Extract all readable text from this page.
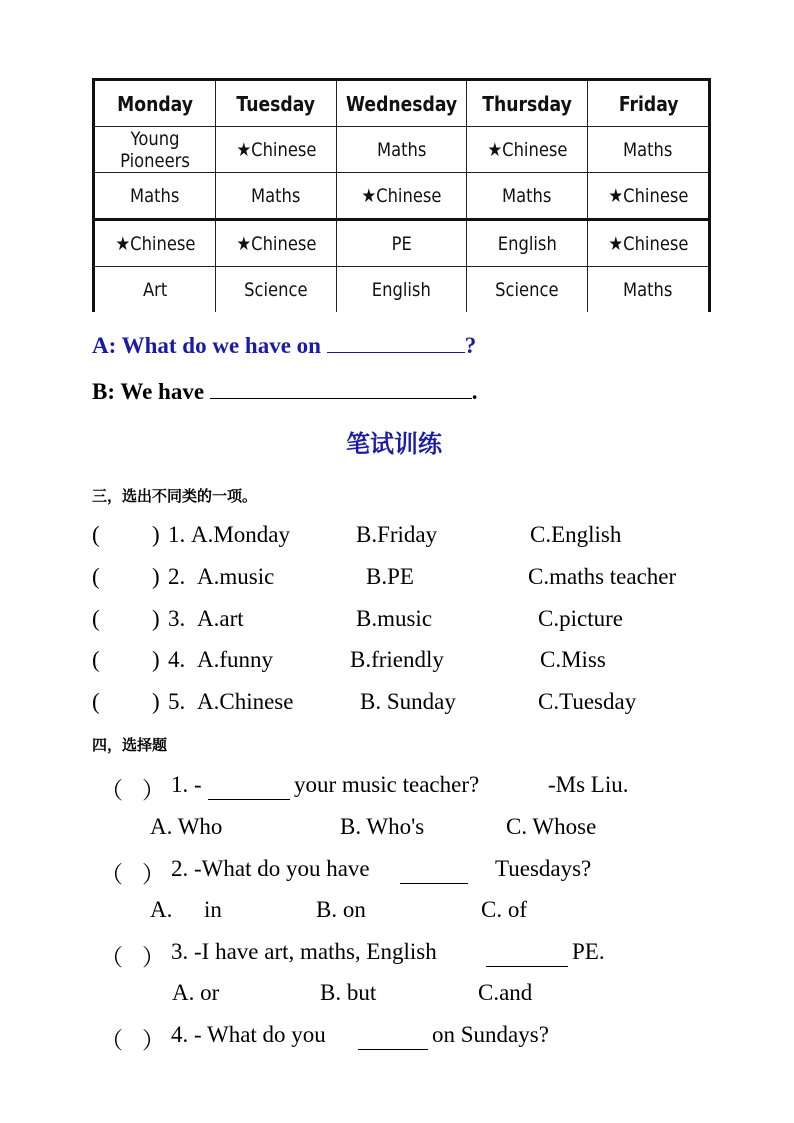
Monday	Tuesday	Wednesday	Thursday	Friday
Young Pioneers	★Chinese	Maths	★Chinese	Maths
Maths	Maths	★Chinese	Maths	★Chinese
★Chinese	★Chinese	PE	English	★Chinese
Art	Science	English	Science	Maths
A: What do we have on	?
B: We have	.
笔试训练
三，选出不同类的一项。
( ) 1. A.Monday	B.Friday	C.English
( ) 2. A.music	B.PE	C.maths teacher
( ) 3. A.art	B.music	C.picture
( ) 4. A.funny	B.friendly	C.Miss
( ) 5. A.Chinese	B. Sunday	C.Tuesday
四，选择题
（ ） 1. -	your music teacher?	-Ms Liu.
A. Who	B. Who's	C. Whose
（ ） 2. -What do you have	Tuesdays?
A. in	B. on	C. of
（ ） 3. -I have art, maths, English	PE.
A. or	B. but	C.and
（ ） 4. - What do you	on Sundays?
